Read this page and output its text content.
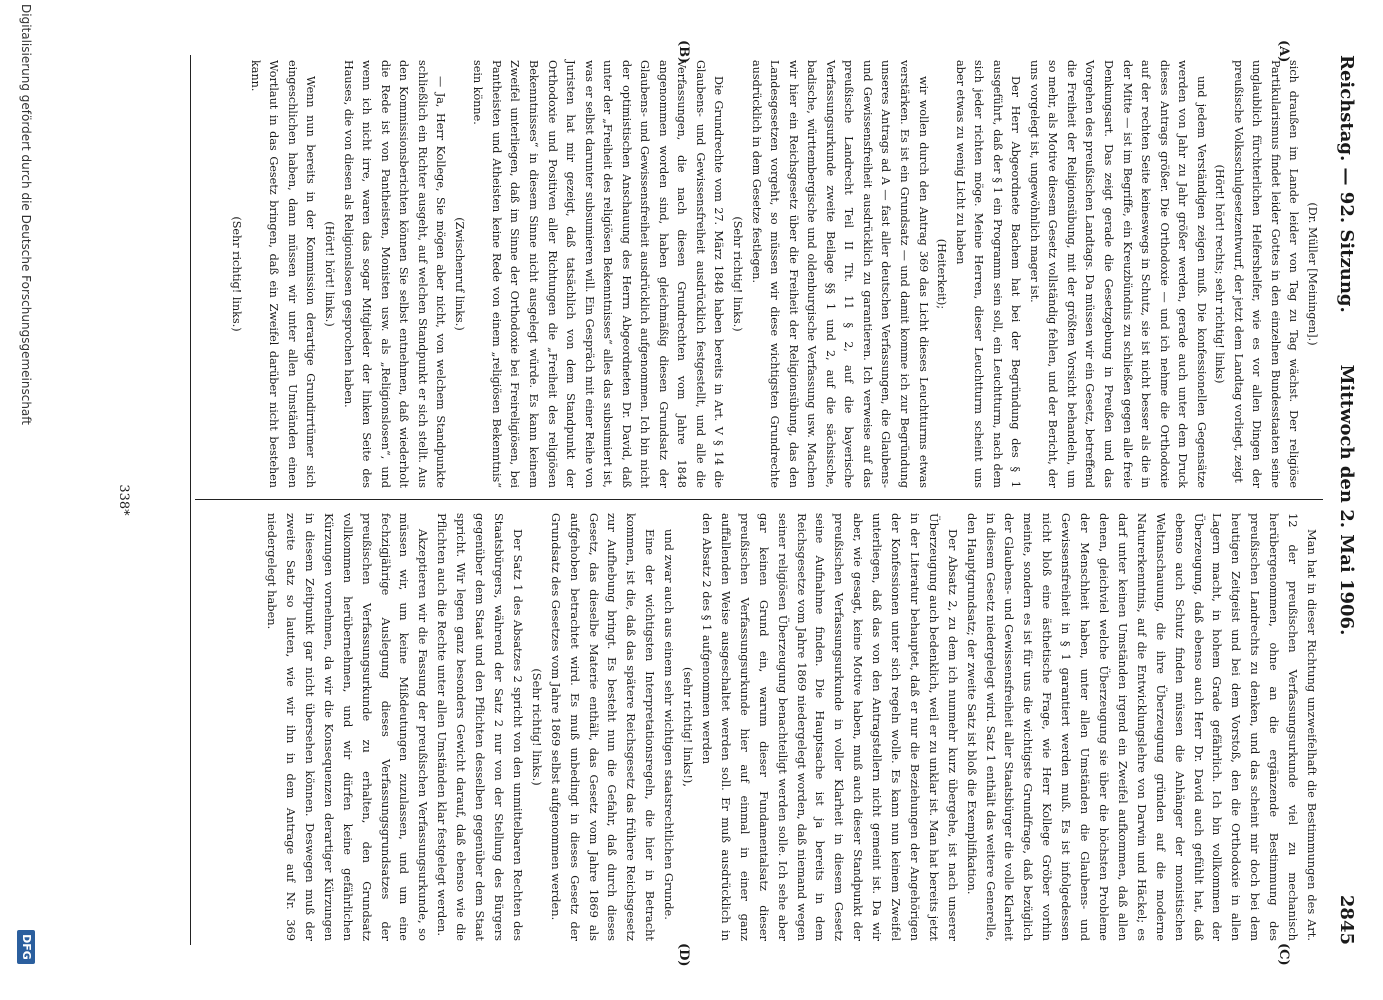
Reichstag. — 92. Sitzung.
Mittwoch den 2. Mai 1906.
2845
(A)
(B)
(C)
(D)

(Dr. Müller [Meiningen].)

sich draußen im Lande leider von Tag zu Tag wächst. Der religiöse Partikularismus findet leider Gottes in den einzelnen Bundesstaaten seine unglaublich fürchterlichen Helfershelfer, wie es vor allen Dingen der preußische Volksschulgesetzentwurf, der jetzt dem Landtag vorliegt, zeigt

(Hört! hört! rechts; sehr richtig! links)

und jedem Verständigen zeigen muß. Die konfessionellen Gegensätze werden von Jahr zu Jahr größer werden, gerade auch unter dem Druck dieses Antrags größer. Die Orthodoxie — und ich nehme die Orthodoxie auf der rechten Seite keineswegs in Schutz, sie ist nicht besser als die in der Mitte — ist im Begriffe, ein Kreuzbündnis zu schließen gegen alle freie Denkungsart. Das zeigt gerade die Gesetzgebung in Preußen und das Vorgehen des preußischen Landtags. Da müssen wir ein Gesetz, betreffend die Freiheit der Religionsübung, mit der größten Vorsicht behandeln, um so mehr, als Motive diesem Gesetz vollständig fehlen, und der Bericht, der uns vorgelegt ist, ungewöhnlich mager ist.

Der Herr Abgeordnete Bachem hat bei der Begründung des § 1 ausgeführt, daß der § 1 ein Programm sein soll, ein Leuchtturm, nach dem sich jeder richten möge. Meine Herren, dieser Leuchtturm scheint uns aber etwas zu wenig Licht zu haben

(Heiterkeit);

wir wollen durch den Antrag 369 das Licht dieses Leuchtturms etwas verstärken. Es ist ein Grundsatz — und damit komme ich zur Begründung unseres Antrags ad A — fast aller deutschen Verfassungen, die Glaubens- und Gewissensfreiheit ausdrücklich zu garantieren. Ich verweise auf das preußische Landrecht Teil II Tit. 11 § 2, auf die bayerische Verfassungsurkunde zweite Beilage §§ 1 und 2, auf die sächsische, badische, württembergische und oldenburgische Verfassung usw. Machen wir hier ein Reichsgesetz über die Freiheit der Religionsübung, das den Landesgesetzen vorgeht, so müssen wir diese wichtigsten Grundrechte ausdrücklich in dem Gesetze festlegen.

(Sehr richtig! links.)

Die Grundrechte vom 27. März 1848 haben bereits in Art. V § 14 die Glaubens- und Gewissensfreiheit ausdrücklich festgestellt, und alle die Verfassungen, die nach diesen Grundrechten vom Jahre 1848 angenommen worden sind, haben gleichmäßig diesen Grundsatz der Glaubens- und Gewissensfreiheit ausdrücklich aufgenommen. Ich bin nicht der optimistischen Anschauung des Herrn Abgeordneten Dr. David, daß unter der „Freiheit des religiösen Bekenntnisses“ alles das subsumiert ist, was er selbst darunter subsumieren will. Ein Gespräch mit einer Reihe von Juristen hat mir gezeigt, daß tatsächlich von dem Standpunkt der Orthodoxie und Positiven aller Richtungen die „Freiheit des religiösen Bekenntnisses“ in diesem Sinne nicht ausgelegt würde. Es kann keinem Zweifel unterliegen, daß im Sinne der Orthodoxie bei Freireligiösen, bei Pantheisten und Atheisten keine Rede von einem „religiösen Bekenntnis“ sein könne.

(Zwischenruf links.)

— Ja, Herr Kollege, Sie mögen aber nicht, von welchem Standpunkte schließlich ein Richter ausgeht, auf welchen Standpunkt er sich stellt. Aus den Kommissionsberichten können Sie selbst entnehmen, daß wiederholt die Rede ist von Pantheisten, Monisten usw. als „Religionslosen“, und wenn ich nicht irre, waren das sogar Mitglieder der linken Seite des Hauses, die von diesen als Religionslosen gesprochen haben.

(Hört! hört! links.)

Wenn nun bereits in der Kommission derartige Grundirrtümer sich eingeschlichen haben, dann müssen wir unter allen Umständen einen Wortlaut in das Gesetz bringen, daß ein Zweifel darüber nicht bestehen kann.

(Sehr richtig! links.)

Man hat in dieser Richtung unzweifelhaft die Bestimmungen des Art. 12 der preußischen Verfassungsurkunde viel zu mechanisch herübergenommen, ohne an die ergänzende Bestimmung des preußischen Landrechts zu denken, und das scheint mir doch bei dem heutigen Zeitgeist und bei dem Vorstoß, den die Orthodoxie in allen Lagern macht, in hohem Grade gefährlich. Ich bin vollkommen der Überzeugung, daß ebenso auch Herr Dr. David auch gefühlt hat, daß ebenso auch Schutz finden müssen die Anhänger der monistischen Weltanschauung, die ihre Überzeugung gründen auf die moderne Naturerkenntnis, auf die Entwicklungslehre von Darwin und Häckel; es darf unter keinen Umständen irgend ein Zweifel aufkommen, daß allen denen, gleichviel welche Überzeugung sie über die höchsten Probleme der Menschheit haben, unter allen Umständen die Glaubens- und Gewissensfreiheit in § 1 garantiert werden muß. Es ist infolgedessen nicht bloß eine ästhetische Frage, wie Herr Kollege Gröber vorhin meinte, sondern es ist für uns die wichtigste Grundfrage, daß bezüglich der Glaubens- und Gewissensfreiheit aller Staatsbürger die volle Klarheit in diesem Gesetz niedergelegt wird. Satz 1 enthält das weitere Generelle, den Hauptgrundsatz; der zweite Satz ist bloß die Exemplifikation.

Der Absatz 2, zu dem ich nunmehr kurz übergehe, ist nach unserer Überzeugung auch bedenklich, weil er zu unklar ist. Man hat bereits jetzt in der Literatur behauptet, daß er nur die Beziehungen der Angehörigen der Konfessionen unter sich regeln wolle. Es kann nun keinem Zweifel unterliegen, daß das von den Antragstellern nicht gemeint ist. Da wir aber, wie gesagt, keine Motive haben, muß auch dieser Standpunkt der preußischen Verfassungsurkunde in voller Klarheit in diesem Gesetz seine Aufnahme finden. Die Hauptsache ist ja bereits in dem Reichsgesetze vom Jahre 1869 niedergelegt worden, daß niemand wegen seiner religiösen Überzeugung benachteiligt werden solle. Ich sehe aber gar keinen Grund ein, warum dieser Fundamentalsatz dieser preußischen Verfassungsurkunde hier auf einmal in einer ganz auffallenden Weise ausgeschaltet werden soll. Er muß ausdrücklich in den Absatz 2 des § 1 aufgenommen werden

(sehr richtig! links!),

und zwar auch aus einem sehr wichtigen staatsrechtlichen Grunde.

Eine der wichtigsten Interpretationsregeln, die hier in Betracht kommen, ist die, daß das spätere Reichsgesetz das frühere Reichsgesetz zur Aufhebung bringt. Es besteht nun die Gefahr, daß durch dieses Gesetz, das dieselbe Materie enthält, das Gesetz vom Jahre 1869 als aufgehoben betrachtet wird. Es muß unbedingt in dieses Gesetz der Grundsatz des Gesetzes vom Jahre 1869 selbst aufgenommen werden.

(Sehr richtig! links.)

Der Satz 1 des Absatzes 2 spricht von den unmittelbaren Rechten des Staatsbürgers, während der Satz 2 nur von der Stellung des Bürgers gegenüber dem Staat und den Pflichten desselben gegenüber dem Staat spricht. Wir legen ganz besonders Gewicht darauf, daß ebenso wie die Pflichten auch die Rechte unter allen Umständen klar festgelegt werden.

Akzeptieren wir die Fassung der preußischen Verfassungsurkunde, so müssen wir, um keine Mißdeutungen zuzulassen, und um eine fechzigjährige Auslegung dieses Verfassungsgrundsatzes der preußischen Verfassungsurkunde zu erhalten, den Grundsatz vollkommen herübernehmen, und wir dürfen keine gefährlichen Kürzungen vornehmen, da wir die Konsequenzen derartiger Kürzungen in diesem Zeitpunkt gar nicht übersehen können. Deswegen muß der zweite Satz so lauten, wie wir ihn in dem Antrage auf Nr. 369 niedergelegt haben.

338*
Digitalisierung gefördert durch die Deutsche Forschungsgemeinschaft
DFG
